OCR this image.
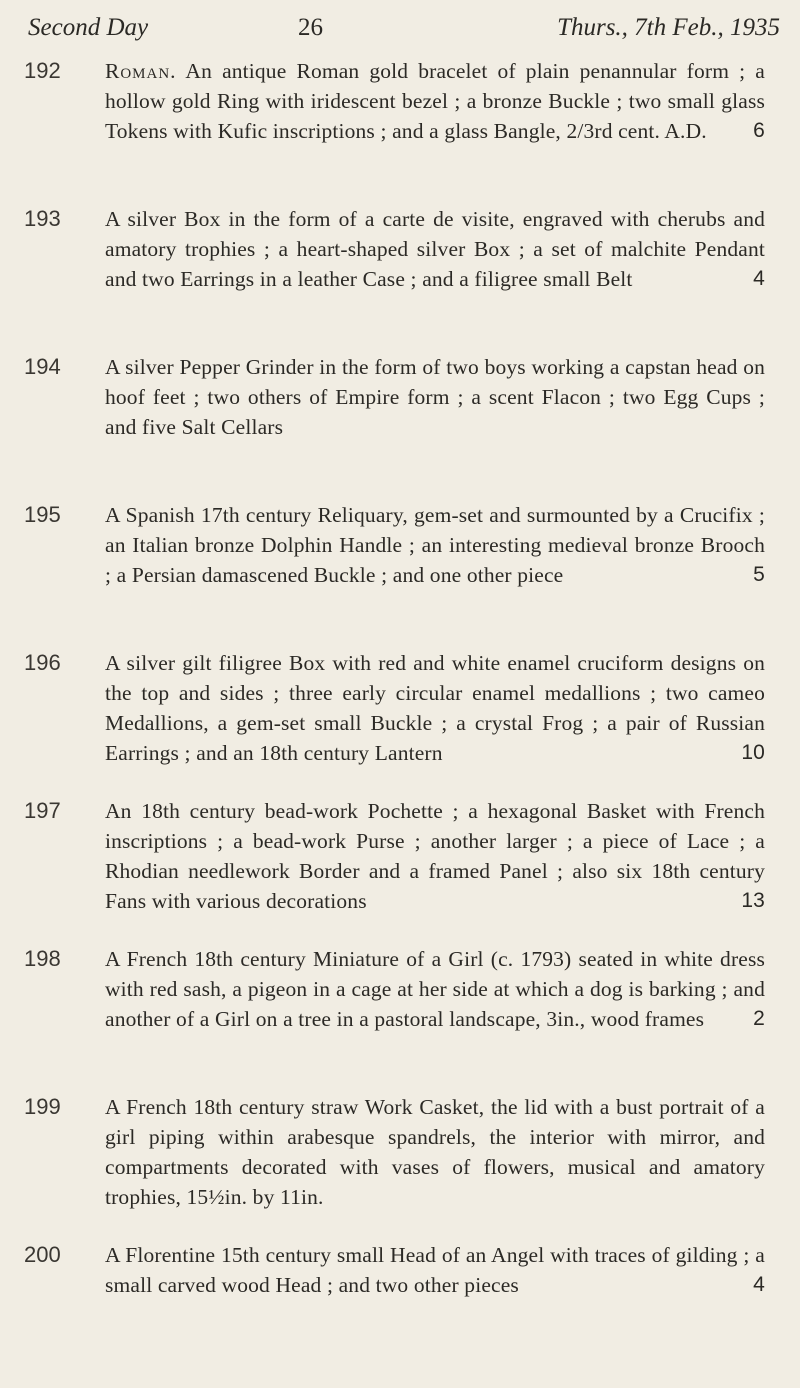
Second Day	26	Thurs., 7th Feb., 1935
192 Roman. An antique Roman gold bracelet of plain penannular form ; a hollow gold Ring with iridescent bezel ; a bronze Buckle ; two small glass Tokens with Kufic inscriptions ; and a glass Bangle, 2/3rd cent. A.D. 6
193 A silver Box in the form of a carte de visite, engraved with cherubs and amatory trophies ; a heart-shaped silver Box ; a set of malchite Pendant and two Earrings in a leather Case ; and a filigree small Belt	4
194 A silver Pepper Grinder in the form of two boys working a capstan head on hoof feet ; two others of Empire form ; a scent Flacon ; two Egg Cups ; and five Salt Cellars
195 A Spanish 17th century Reliquary, gem-set and surmounted by a Crucifix ; an Italian bronze Dolphin Handle ; an interesting medieval bronze Brooch ; a Persian damascened Buckle ; and one other piece	5
196 A silver gilt filigree Box with red and white enamel cruciform designs on the top and sides ; three early circular enamel medallions ; two cameo Medallions, a gem-set small Buckle ; a crystal Frog ; a pair of Russian Earrings ; and an 18th century Lantern	10
197 An 18th century bead-work Pochette ; a hexagonal Basket with French inscriptions ; a bead-work Purse ; another larger ; a piece of Lace ; a Rhodian needlework Border and a framed Panel ; also six 18th century Fans with various decorations	13
198 A French 18th century Miniature of a Girl (c. 1793) seated in white dress with red sash, a pigeon in a cage at her side at which a dog is barking ; and another of a Girl on a tree in a pastoral landscape, 3in., wood frames 2
199 A French 18th century straw Work Casket, the lid with a bust portrait of a girl piping within arabesque spandrels, the interior with mirror, and compartments decorated with vases of flowers, musical and amatory trophies, 15½in. by 11in.
200 A Florentine 15th century small Head of an Angel with traces of gilding ; a small carved wood Head ; and two other pieces	4
